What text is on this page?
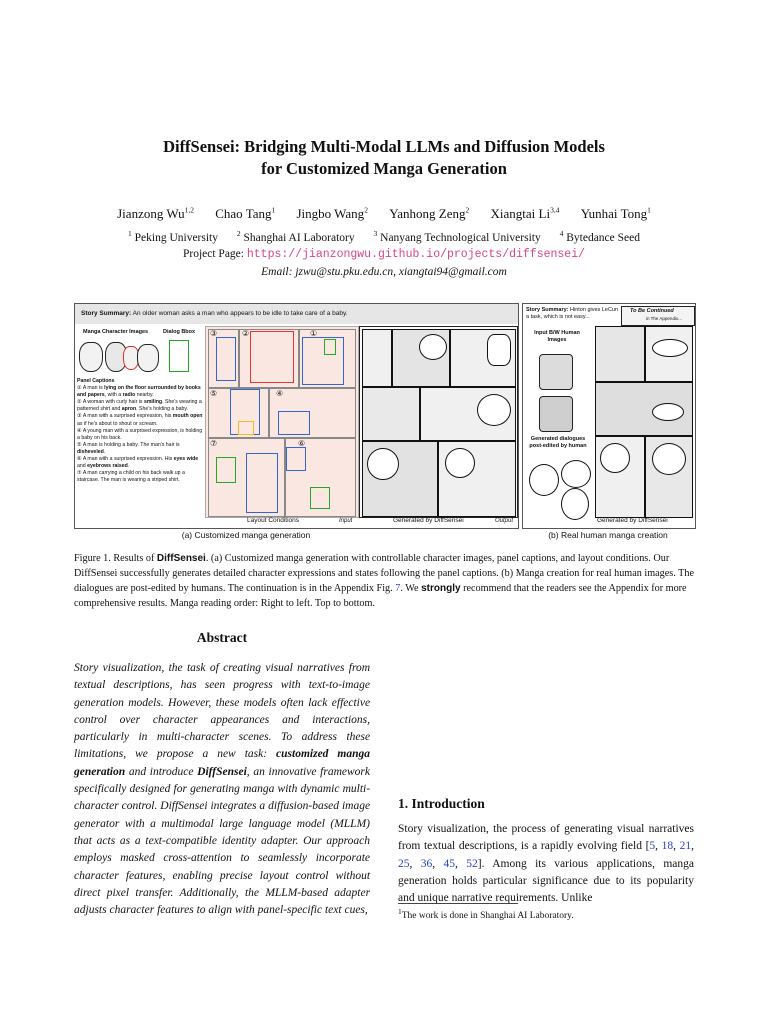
DiffSensei: Bridging Multi-Modal LLMs and Diffusion Models
for Customized Manga Generation
Jianzong Wu$^{1,2}$ Chao Tang$^1$ Jingbo Wang$^2$ Yanhong Zeng$^2$ Xiangtai Li$^{3,4}$ Yunhai Tong$^1$
$^1$ Peking University	$^2$ Shanghai AI Laboratory	$^3$ Nanyang Technological University	$^4$ Bytedance Seed
Project Page: https://jianzongwu.github.io/projects/diffsensei/
Email: jzwu@stu.pku.edu.cn, xiangtai94@gmail.com
Story Summary: An older woman asks a man who appears to be idle to take care of a baby.
Manga Character Images	Dialog Bbox
Panel Captions
① A man is lying on the floor surrounded by books and papers, with a radio nearby.
② A woman with curly hair is smiling. She's wearing a patterned shirt and apron. She's holding a baby.
③ A man with a surprised expression, his mouth open as if he's about to shout or scream.
④ A young man with a surprised expression, is holding a baby on his back.
⑤ A man is holding a baby. The man's hair is disheveled.
⑥ A man with a surprised expression. His eyes wide and eyebrows raised.
⑦ A man carrying a child on his back walk up a staircase. The man is wearing a striped shirt.
③	②	①
⑤	④
⑦	⑥
Layout Conditions	Input	Generated by DiffSensei	Output
Story Summary: Hinton gives LeCun a task, which is not easy...
To Be Continued
in The Appendix...
Input B/W Human Images
Generated dialogues post-edited by human
Generated by DiffSensei
(a) Customized manga generation	(b) Real human manga creation
Figure 1. Results of DiffSensei. (a) Customized manga generation with controllable character images, panel captions, and layout conditions. Our DiffSensei successfully generates detailed character expressions and states following the panel captions. (b) Manga creation for real human images. The dialogues are post-edited by humans. The continuation is in the Appendix Fig. 7. We strongly recommend that the readers see the Appendix for more comprehensive results. Manga reading order: Right to left. Top to bottom.
Abstract
Story visualization, the task of creating visual narratives from textual descriptions, has seen progress with text-to-image generation models. However, these models often lack effective control over character appearances and interactions, particularly in multi-character scenes. To address these limitations, we propose a new task: customized manga generation and introduce DiffSensei, an innovative framework specifically designed for generating manga with dynamic multi-character control. DiffSensei integrates a diffusion-based image generator with a multimodal large language model (MLLM) that acts as a text-compatible identity adapter. Our approach employs masked cross-attention to seamlessly incorporate character features, enabling precise layout control without direct pixel transfer. Additionally, the MLLM-based adapter adjusts character features to align with panel-specific text cues,
1. Introduction
Story visualization, the process of generating visual narratives from textual descriptions, is a rapidly evolving field [5, 18, 21, 25, 36, 45, 52]. Among its various applications, manga generation holds particular significance due to its popularity and unique narrative requirements. Unlike
$^1$The work is done in Shanghai AI Laboratory.
